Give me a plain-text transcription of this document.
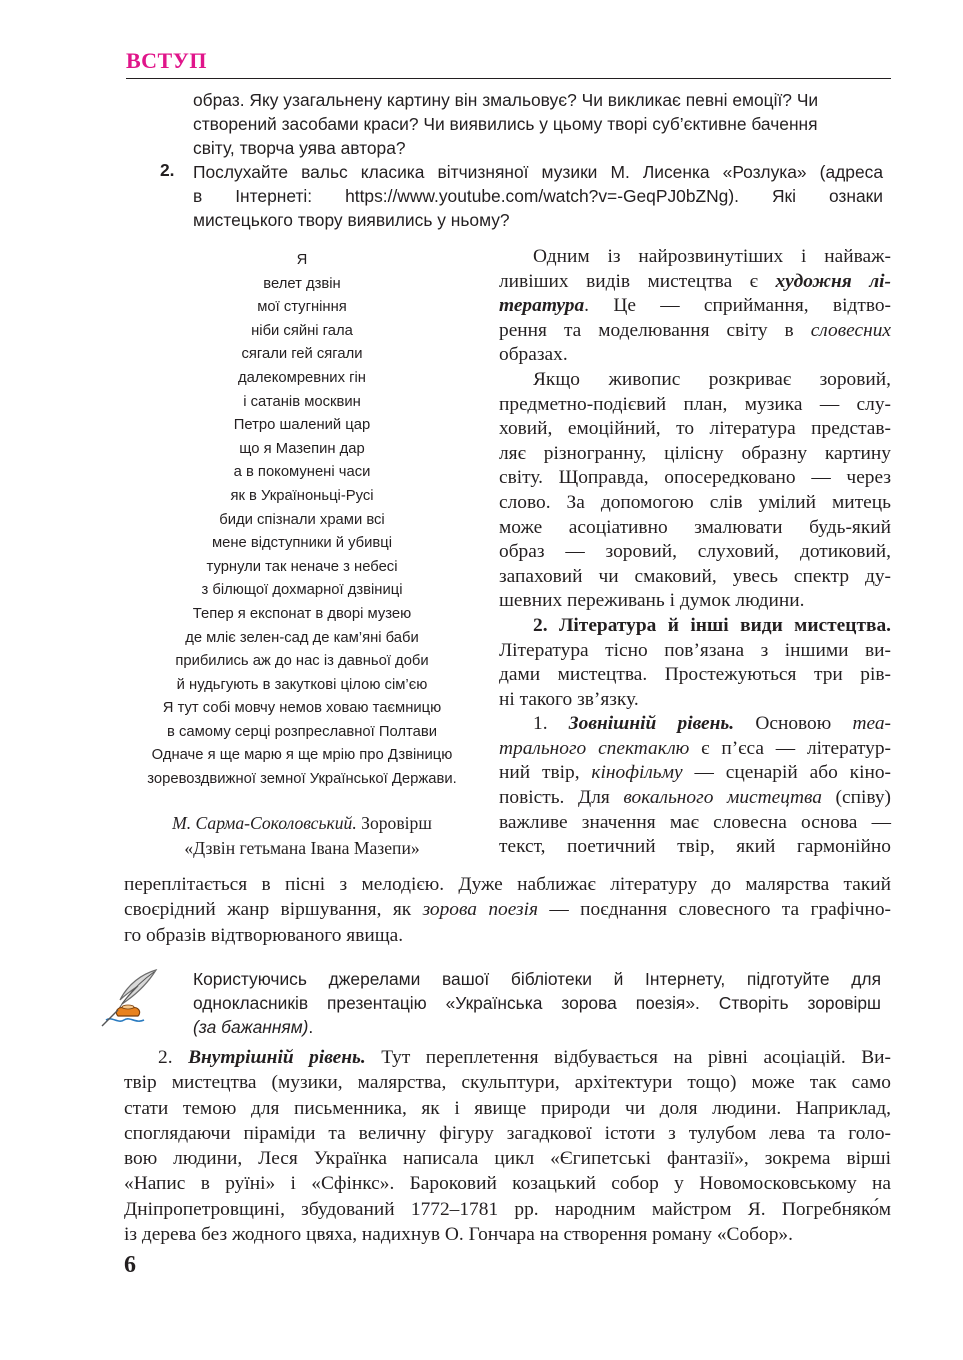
ВСТУП
образ. Яку узагальнену картину він змальовує? Чи викликає певні емоції? Чи
створений засобами краси? Чи виявились у цьому творі суб’єктивне бачення
світу, творча уява автора?
2. Послухайте вальс класика вітчизняної музики М. Лисенка «Розлука» (адреса
в Інтернеті: https://www.youtube.com/watch?v=-GeqPJ0bZNg). Які ознаки
мистецького твору виявились у ньому?
Я
велет дзвін
мої стугніння
ніби сяйні гала
сягали гей сягали
далекомревних гін
і сатанів москвин
Петро шалений цар
що я Мазепин дар
а в покомунені часи
як в Україноньці-Русі
биди спізнали храми всі
мене відступники й убивці
турнули так неначе з небесі
з білющої дохмарної дзвіниці
Тепер я експонат в дворі музею
де мліє зелен-сад де кам’яні баби
прибились аж до нас із давньої доби
й нудьгують в закуткові цілою сім’єю
Я тут собі мовчу немов ховаю таємницю
в самому серці розпреславної Полтави
Одначе я ще марю я ще мрію про Дзвіницю
зоревоздвижної земної Української Держави.
М. Сарма-Соколовський. Зоровірш
«Дзвін гетьмана Івана Мазепи»
Одним із найрозвинутіших і найваж-
ливіших видів мистецтва є художня лі-
тература. Це — сприймання, відтво-
рення та моделювання світу в словесних
образах.
Якщо живопис розкриває зоровий,
предметно-подієвий план, музика — слу-
ховий, емоційний, то література представ-
ляє різногранну, цілісну образну картину
світу. Щоправда, опосередковано — через
слово. За допомогою слів умілий митець
може асоціативно змалювати будь-який
образ — зоровий, слуховий, дотиковий,
запаховий чи смаковий, увесь спектр ду-
шевних переживань і думок людини.
2. Література й інші види мистецтва.
Література тісно пов’язана з іншими ви-
дами мистецтва. Простежуються три рів-
ні такого зв’язку.
1. Зовнішній рівень. Основою теа-
трального спектаклю є п’єса — літератур-
ний твір, кінофільму — сценарій або кіно-
повість. Для вокального мистецтва (співу)
важливе значення має словесна основа —
текст, поетичний твір, який гармонійно
переплітається в пісні з мелодією. Дуже наближає літературу до малярства такий
своєрідний жанр віршування, як зорова поезія — поєднання словесного та графічно-
го образів відтворюваного явища.
Користуючись джерелами вашої бібліотеки й Інтернету, підготуйте для
однокласників презентацію «Українська зорова поезія». Створіть зоровірш
(за бажанням).
2. Внутрішній рівень. Тут переплетення відбувається на рівні асоціацій. Ви-
твір мистецтва (музики, малярства, скульптури, архітектури тощо) може так само
стати темою для письменника, як і явище природи чи доля людини. Наприклад,
споглядаючи піраміди та величну фігуру загадкової істоти з тулубом лева та голо-
вою людини, Леся Українка написала цикл «Єгипетські фантазії», зокрема вірші
«Напис в руїні» і «Сфінкс». Бароковий козацький собор у Новомосковському на
Дніпропетровщині, збудований 1772–1781 рр. народним майстром Я. Погребняко́м
із дерева без жодного цвяха, надихнув О. Гончара на створення роману «Собор».
6
